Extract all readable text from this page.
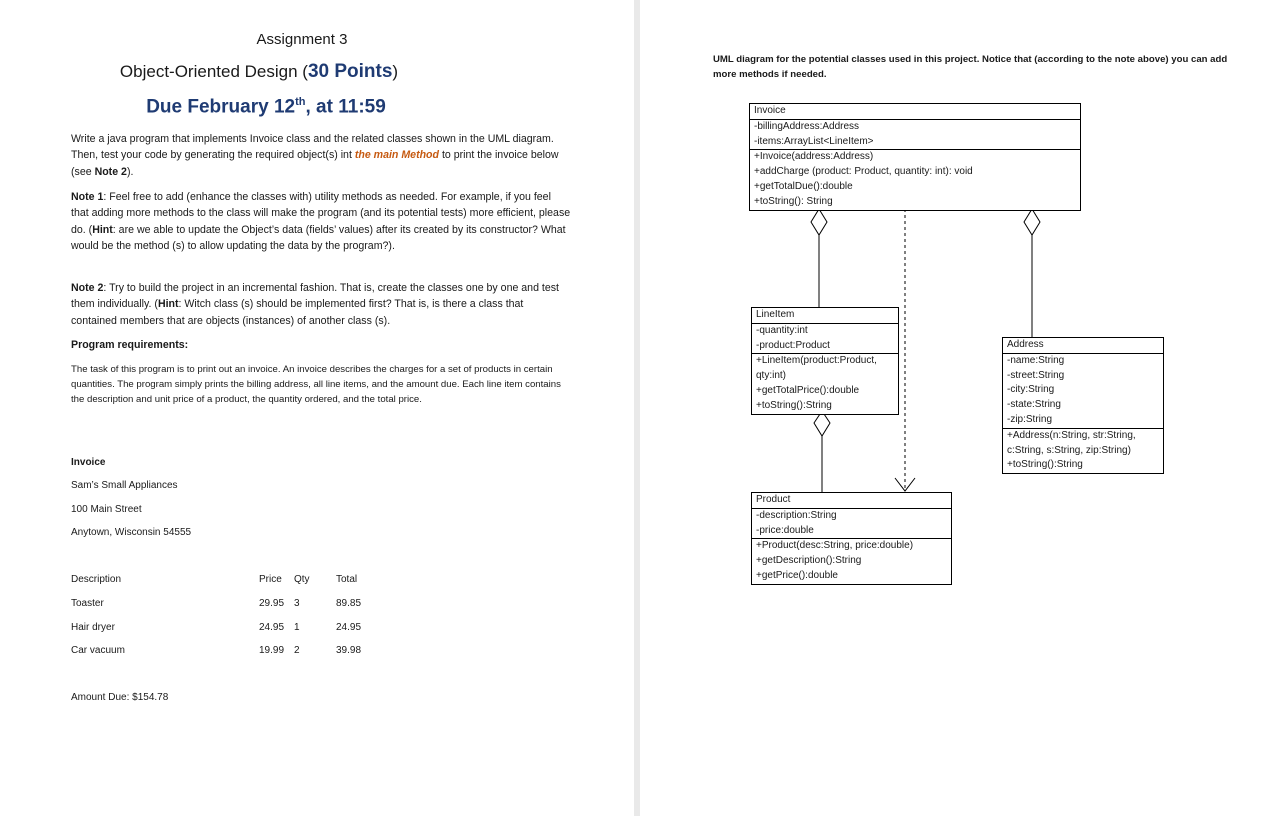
Assignment 3
Object-Oriented Design (30 Points)
Due February 12th, at 11:59
Write a java program that implements Invoice class and the related classes shown in the UML diagram. Then, test your code by generating the required object(s) int the main Method to print the invoice below (see Note 2).
Note 1: Feel free to add (enhance the classes with) utility methods as needed. For example, if you feel that adding more methods to the class will make the program (and its potential tests) more efficient, please do. (Hint: are we able to update the Object’s data (fields’ values) after its created by its constructor? What would be the method (s) to allow updating the data by the program?).
Note 2: Try to build the project in an incremental fashion. That is, create the classes one by one and test them individually. (Hint: Witch class (s) should be implemented first? That is, is there a class that contained members that are objects (instances) of another class (s).
Program requirements:
The task of this program is to print out an invoice. An invoice describes the charges for a set of products in certain quantities. The program simply prints the billing address, all line items, and the amount due. Each line item contains the description and unit price of a product, the quantity ordered, and the total price.
Invoice
Sam’s Small Appliances
100 Main Street
Anytown, Wisconsin 54555
Description	Price Qty	Total
Toaster	29.95 3	89.85
Hair dryer	24.95 1	24.95
Car vacuum	19.99 2	39.98
Amount Due: $154.78
UML diagram for the potential classes used in this project. Notice that (according to the note above) you can add more methods if needed.
Invoice
-billingAddress:Address
-items:ArrayList<LineItem>
+Invoice(address:Address)
+addCharge (product: Product, quantity: int): void
+getTotalDue():double
+toString(): String
LineItem
-quantity:int
-product:Product
+LineItem(product:Product,
qty:int)
+getTotalPrice():double
+toString():String
Address
-name:String
-street:String
-city:String
-state:String
-zip:String
+Address(n:String, str:String,
c:String, s:String, zip:String)
+toString():String
Product
-description:String
-price:double
+Product(desc:String, price:double)
+getDescription():String
+getPrice():double
